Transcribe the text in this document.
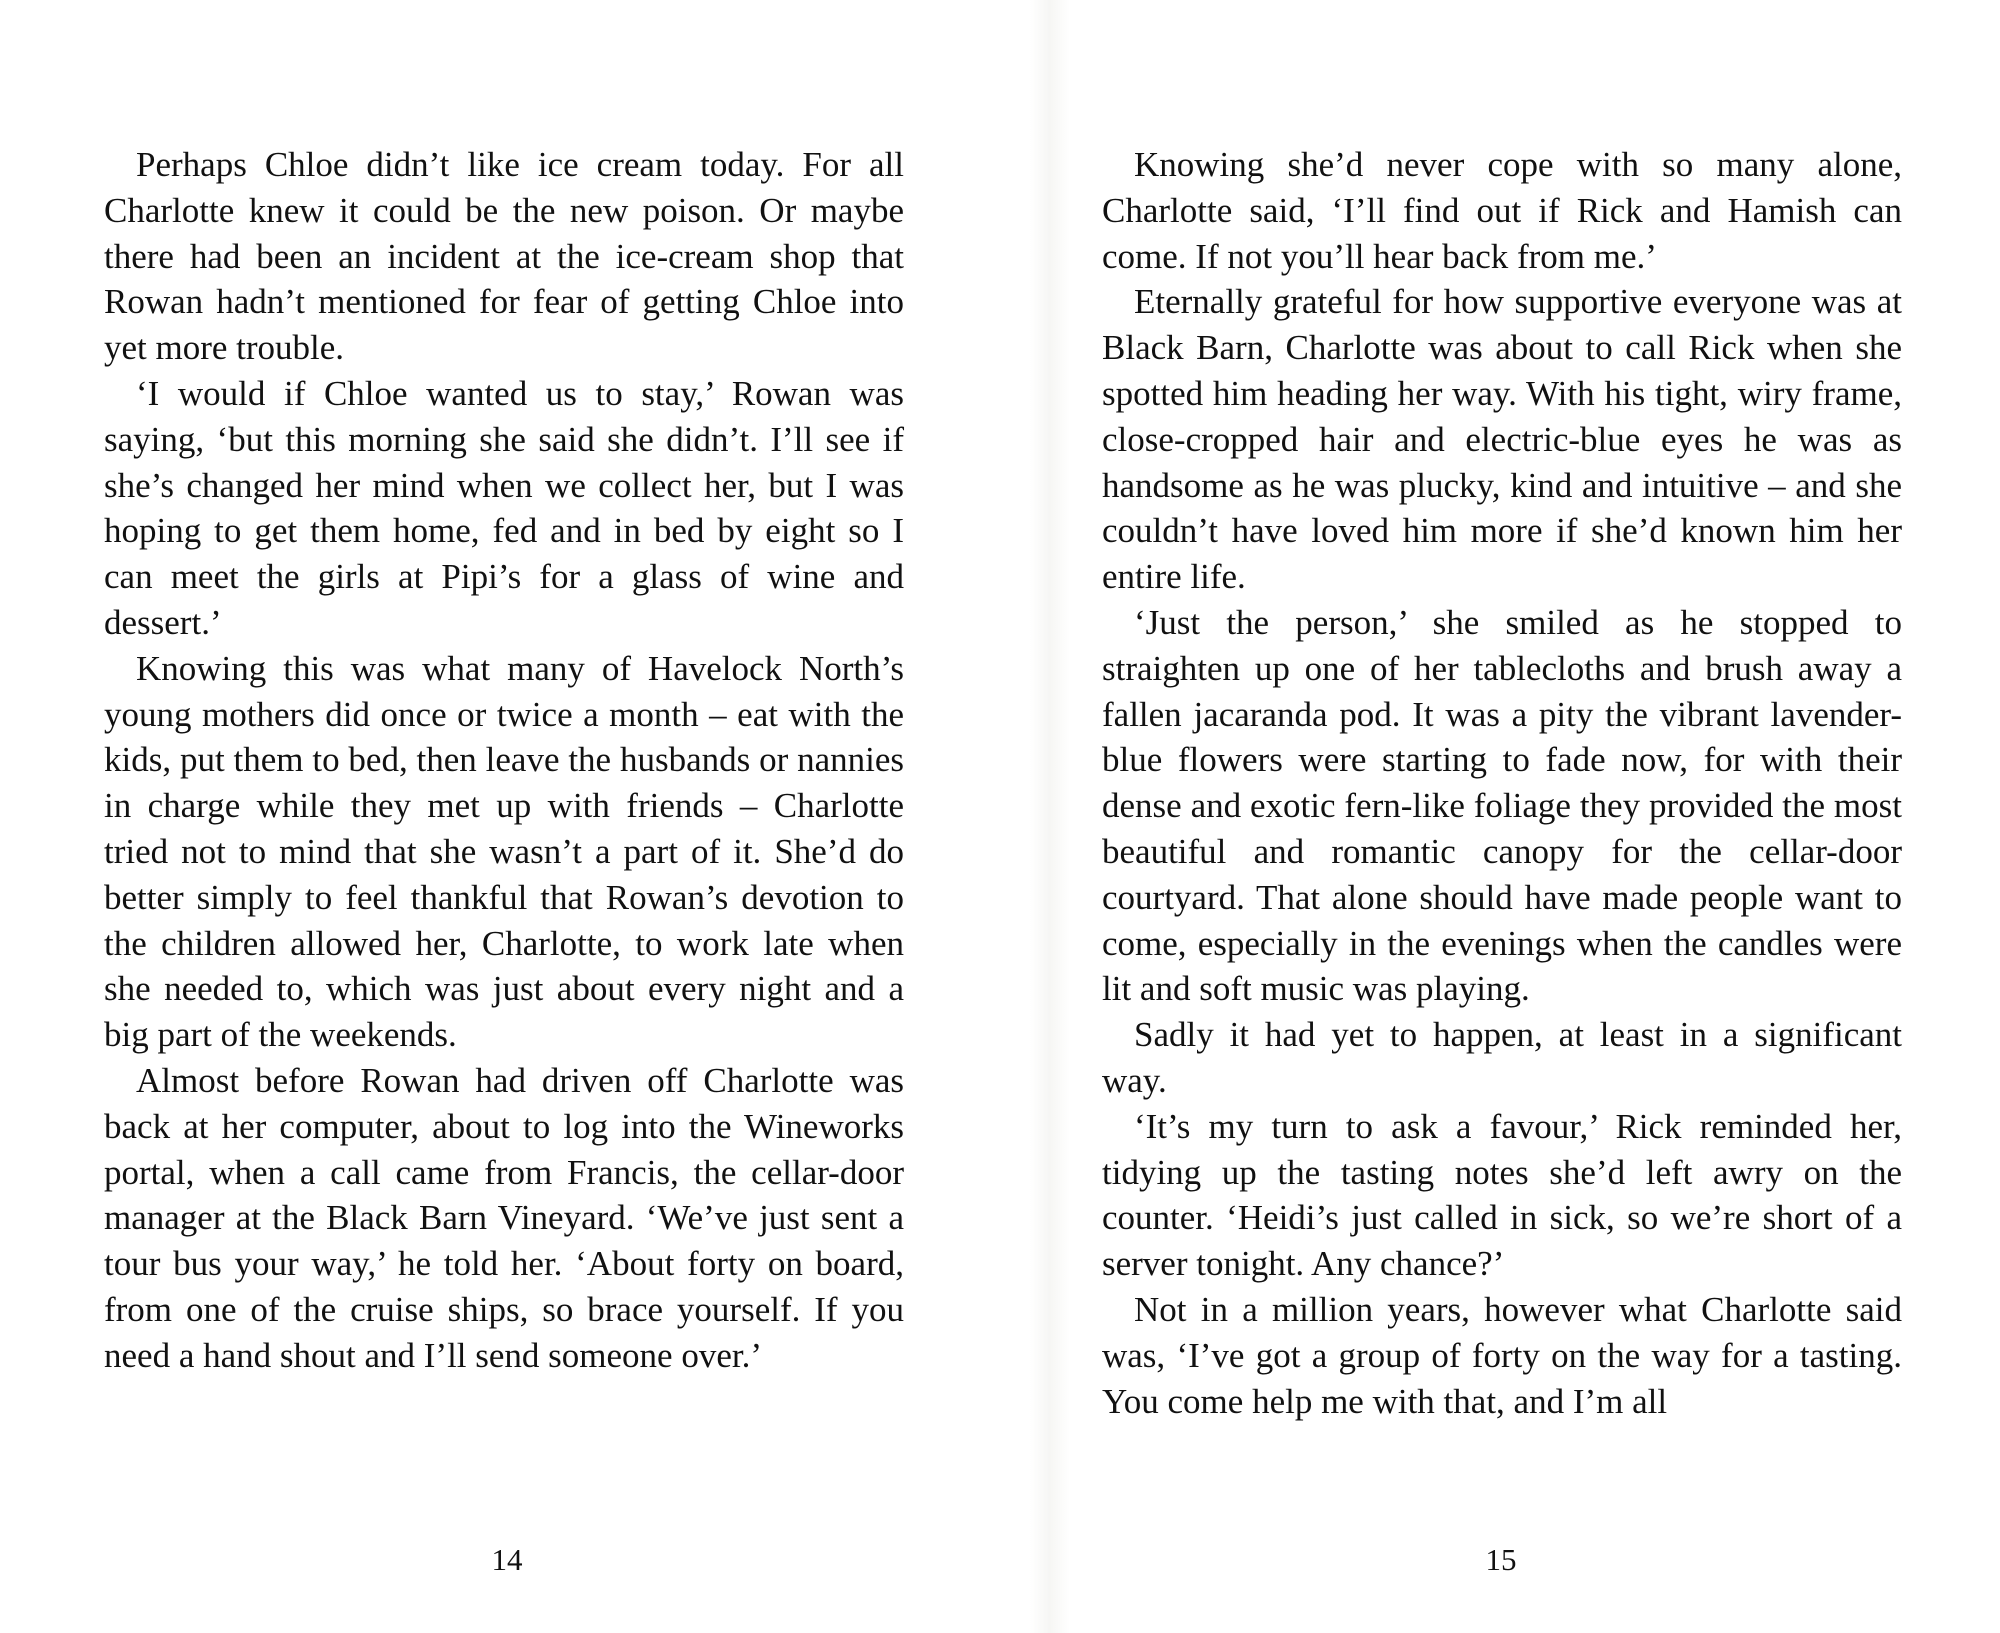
Perhaps Chloe didn’t like ice cream today. For all Charlotte knew it could be the new poison. Or maybe there had been an incident at the ice-cream shop that Rowan hadn’t mentioned for fear of getting Chloe into yet more trouble.

‘I would if Chloe wanted us to stay,’ Rowan was saying, ‘but this morning she said she didn’t. I’ll see if she’s changed her mind when we collect her, but I was hoping to get them home, fed and in bed by eight so I can meet the girls at Pipi’s for a glass of wine and dessert.’

Knowing this was what many of Havelock North’s young mothers did once or twice a month – eat with the kids, put them to bed, then leave the husbands or nannies in charge while they met up with friends – Charlotte tried not to mind that she wasn’t a part of it. She’d do better simply to feel thankful that Rowan’s devotion to the children allowed her, Charlotte, to work late when she needed to, which was just about every night and a big part of the weekends.

Almost before Rowan had driven off Charlotte was back at her computer, about to log into the Wineworks portal, when a call came from Francis, the cellar-door manager at the Black Barn Vineyard. ‘We’ve just sent a tour bus your way,’ he told her. ‘About forty on board, from one of the cruise ships, so brace yourself. If you need a hand shout and I’ll send someone over.’

Knowing she’d never cope with so many alone, Charlotte said, ‘I’ll find out if Rick and Hamish can come. If not you’ll hear back from me.’

Eternally grateful for how supportive everyone was at Black Barn, Charlotte was about to call Rick when she spotted him heading her way. With his tight, wiry frame, close-cropped hair and electric-blue eyes he was as handsome as he was plucky, kind and intuitive – and she couldn’t have loved him more if she’d known him her entire life.

‘Just the person,’ she smiled as he stopped to straighten up one of her tablecloths and brush away a fallen jacaranda pod. It was a pity the vibrant lavender-blue flowers were starting to fade now, for with their dense and exotic fern-like foliage they provided the most beautiful and romantic canopy for the cellar-door courtyard. That alone should have made people want to come, especially in the evenings when the candles were lit and soft music was playing.

Sadly it had yet to happen, at least in a significant way.

‘It’s my turn to ask a favour,’ Rick reminded her, tidying up the tasting notes she’d left awry on the counter. ‘Heidi’s just called in sick, so we’re short of a server tonight. Any chance?’

Not in a million years, however what Charlotte said was, ‘I’ve got a group of forty on the way for a tasting. You come help me with that, and I’m all

14	15
